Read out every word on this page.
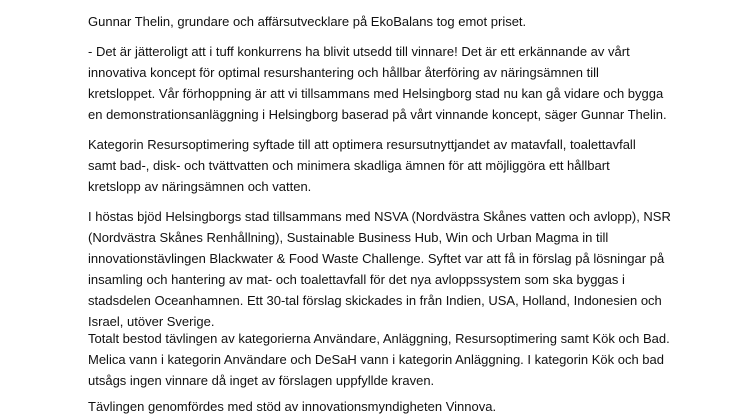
Gunnar Thelin, grundare och affärsutvecklare på EkoBalans tog emot priset.

- Det är jätteroligt att i tuff konkurrens ha blivit utsedd till vinnare! Det är ett erkännande av vårt

innovativa koncept för optimal resurshantering och hållbar återföring av näringsämnen till

kretsloppet. Vår förhoppning är att vi tillsammans med Helsingborg stad nu kan gå vidare och bygga

en demonstrationsanläggning i Helsingborg baserad på vårt vinnande koncept, säger Gunnar Thelin.

Kategorin Resursoptimering syftade till att optimera resursutnyttjandet av matavfall, toalettavfall

samt bad-, disk- och tvättvatten och minimera skadliga ämnen för att möjliggöra ett hållbart

kretslopp av näringsämnen och vatten.

I höstas bjöd Helsingborgs stad tillsammans med NSVA (Nordvästra Skånes vatten och avlopp), NSR

(Nordvästra Skånes Renhållning), Sustainable Business Hub, Win och Urban Magma in till

innovationstävlingen Blackwater & Food Waste Challenge. Syftet var att få in förslag på lösningar på

insamling och hantering av mat- och toalettavfall för det nya avloppssystem som ska byggas i

stadsdelen Oceanhamnen. Ett 30-tal förslag skickades in från Indien, USA, Holland, Indonesien och

Israel, utöver Sverige.

Totalt bestod tävlingen av kategorierna Användare, Anläggning, Resursoptimering samt Kök och Bad.

Melica vann i kategorin Användare och DeSaH vann i kategorin Anläggning. I kategorin Kök och bad

utsågs ingen vinnare då inget av förslagen uppfyllde kraven.

Tävlingen genomfördes med stöd av innovationsmyndigheten Vinnova.
